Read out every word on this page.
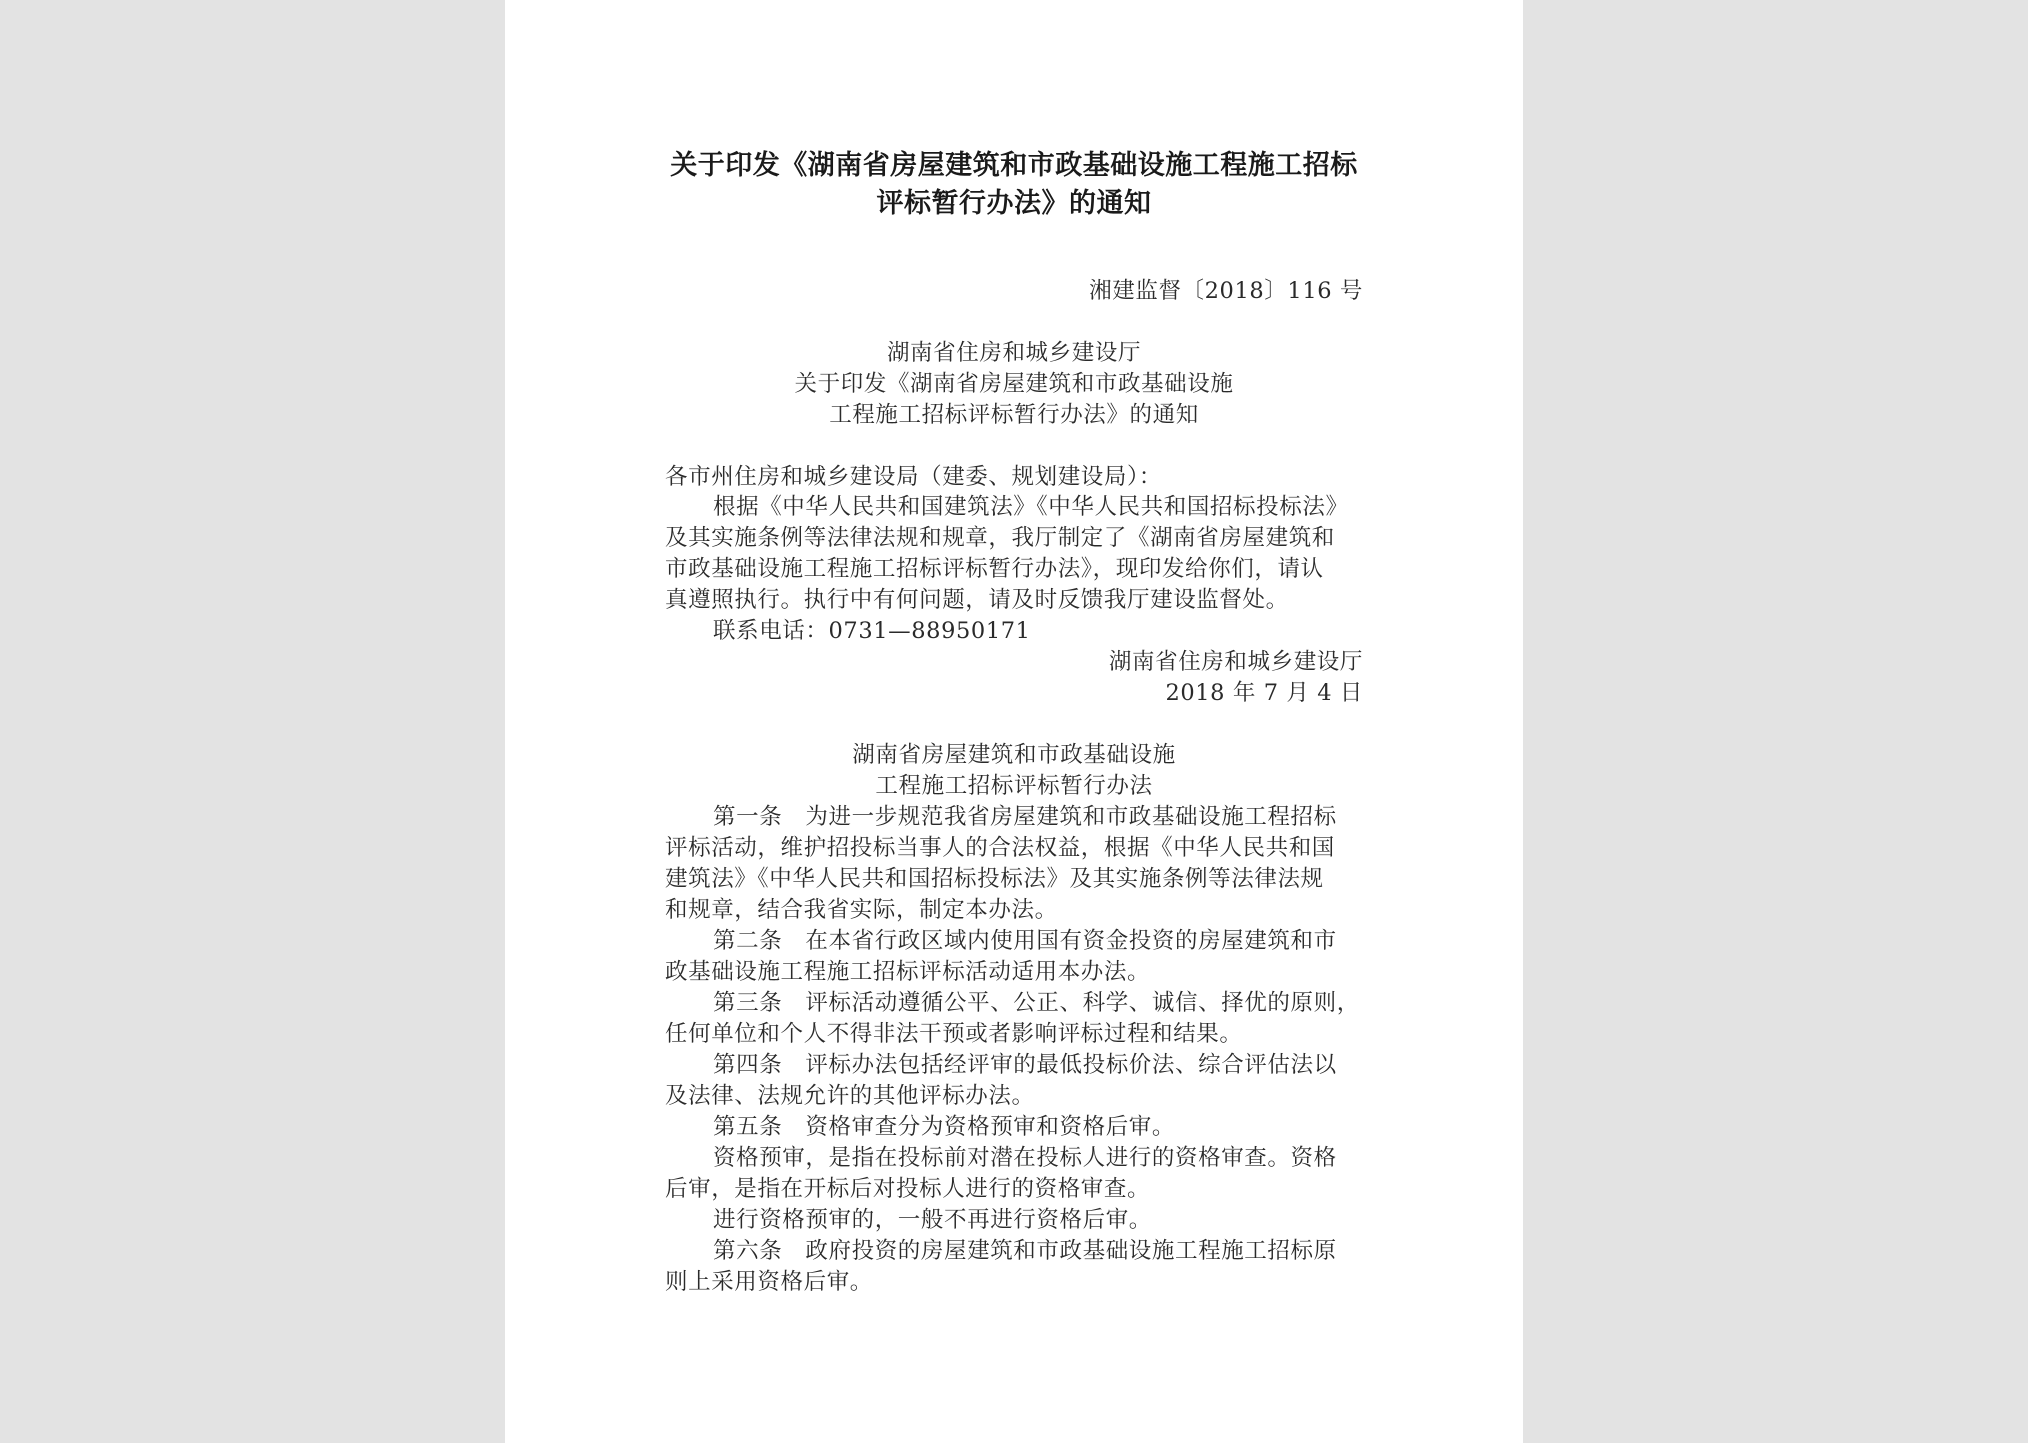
关于印发《湖南省房屋建筑和市政基础设施工程施工招标
评标暂行办法》的通知
湘建监督〔2018〕116 号
湖南省住房和城乡建设厅
关于印发《湖南省房屋建筑和市政基础设施
工程施工招标评标暂行办法》的通知
各市州住房和城乡建设局（建委、规划建设局）：
根据《中华人民共和国建筑法》《中华人民共和国招标投标法》
及其实施条例等法律法规和规章，我厅制定了《湖南省房屋建筑和
市政基础设施工程施工招标评标暂行办法》，现印发给你们，请认
真遵照执行。执行中有何问题，请及时反馈我厅建设监督处。
联系电话：0731—88950171
湖南省住房和城乡建设厅
2018 年 7 月 4 日
湖南省房屋建筑和市政基础设施
工程施工招标评标暂行办法
第一条　为进一步规范我省房屋建筑和市政基础设施工程招标
评标活动，维护招投标当事人的合法权益，根据《中华人民共和国
建筑法》《中华人民共和国招标投标法》及其实施条例等法律法规
和规章，结合我省实际，制定本办法。
第二条　在本省行政区域内使用国有资金投资的房屋建筑和市
政基础设施工程施工招标评标活动适用本办法。
第三条　评标活动遵循公平、公正、科学、诚信、择优的原则，
任何单位和个人不得非法干预或者影响评标过程和结果。
第四条　评标办法包括经评审的最低投标价法、综合评估法以
及法律、法规允许的其他评标办法。
第五条　资格审查分为资格预审和资格后审。
资格预审，是指在投标前对潜在投标人进行的资格审查。资格
后审，是指在开标后对投标人进行的资格审查。
进行资格预审的，一般不再进行资格后审。
第六条　政府投资的房屋建筑和市政基础设施工程施工招标原
则上采用资格后审。
